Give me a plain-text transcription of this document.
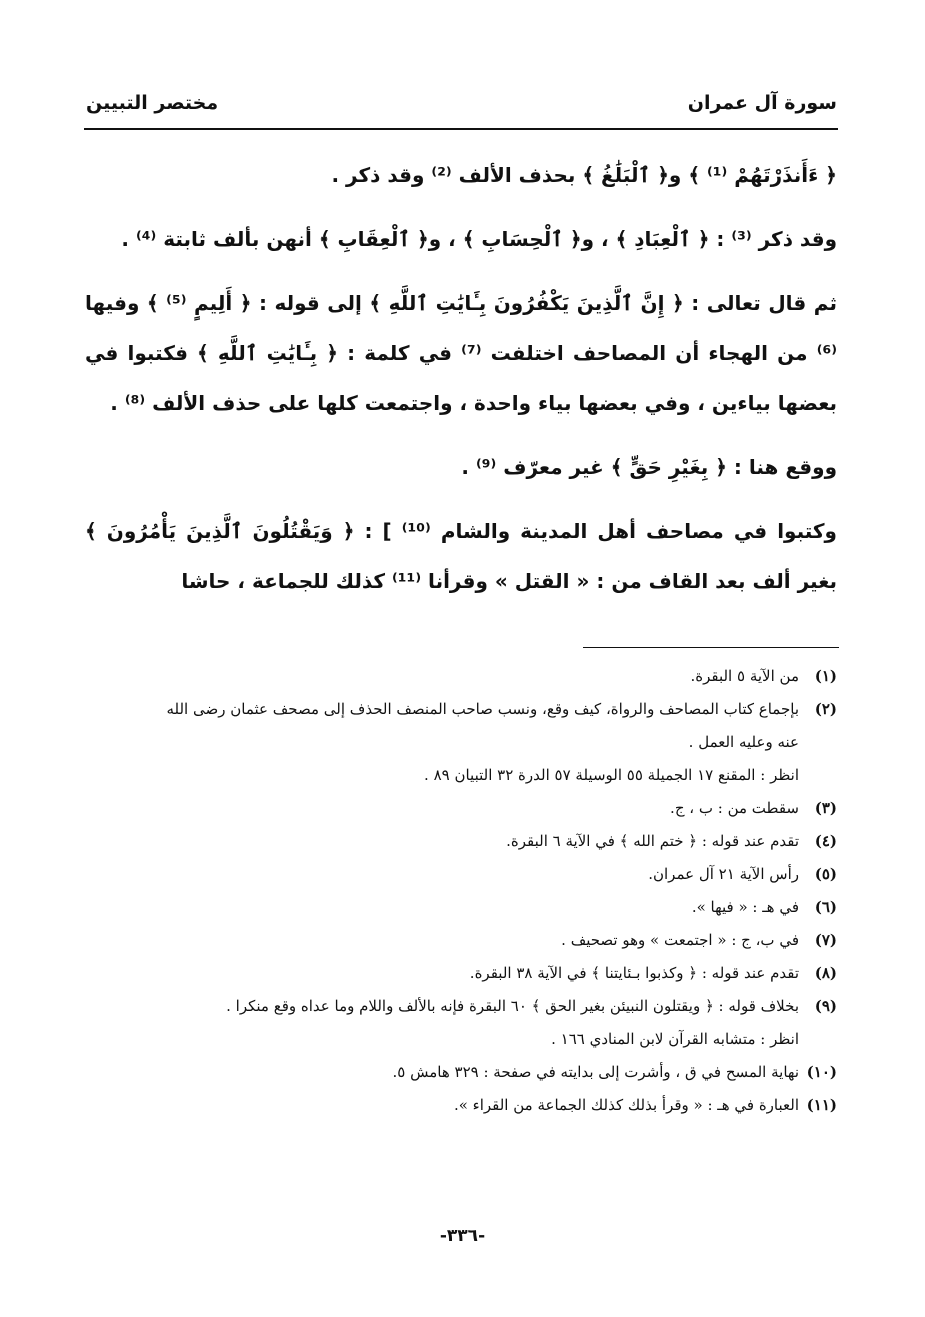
سورة آل عمران
مختصر التبيين

﴿ ءَأَنذَرْتَهُمْ ⁽¹⁾ ﴾ و﴿ ٱلْبَلَٰغُ ﴾ بحذف الألف ⁽²⁾ وقد ذكر .

وقد ذكر ⁽³⁾ : ﴿ ٱلْعِبَادِ ﴾ ، و﴿ ٱلْحِسَابِ ﴾ ، و﴿ ٱلْعِقَابِ ﴾ أنهن بألف ثابتة ⁽⁴⁾ .

ثم قال تعالى : ﴿ إِنَّ ٱلَّذِينَ يَكْفُرُونَ بِـَٔايَٰتِ ٱللَّهِ ﴾ إلى قوله : ﴿ أَلِيمٍ ⁽⁵⁾ ﴾ وفيها ⁽⁶⁾ من الهجاء أن المصاحف اختلفت ⁽⁷⁾ في كلمة : ﴿ بِـَٔايَٰتِ ٱللَّهِ ﴾ فكتبوا في بعضها بياءين ، وفي بعضها بياء واحدة ، واجتمعت كلها على حذف الألف ⁽⁸⁾ .

ووقع هنا : ﴿ بِغَيْرِ حَقٍّ ﴾ غير معرّف ⁽⁹⁾ .

وكتبوا في مصاحف أهل المدينة والشام ⁽¹⁰⁾ ] : ﴿ وَيَقْتُلُونَ ٱلَّذِينَ يَأْمُرُونَ ﴾ بغير ألف بعد القاف من : « القتل » وقرأنا ⁽¹¹⁾ كذلك للجماعة ، حاشا

(١)
من الآية ٥ البقرة.
(٢)
بإجماع كتاب المصاحف والرواة، كيف وقع، ونسب صاحب المنصف الحذف إلى مصحف عثمان رضى الله
عنه وعليه العمل .
انظر : المقنع ١٧ الجميلة ٥٥ الوسيلة ٥٧ الدرة ٣٢ التبيان ٨٩ .
(٣)
سقطت من : ب ، ج.
(٤)
تقدم عند قوله : ﴿ ختم الله ﴾ في الآية ٦ البقرة.
(٥)
رأس الآية ٢١ آل عمران.
(٦)
في هـ : « فيها ».
(٧)
في ب، ج : « اجتمعت » وهو تصحيف .
(٨)
تقدم عند قوله : ﴿ وكذبوا بـئايتنا ﴾ في الآية ٣٨ البقرة.
(٩)
بخلاف قوله : ﴿ ويقتلون النبيئن بغير الحق ﴾ ٦٠ البقرة فإنه بالألف واللام وما عداه وقع منكرا .
انظر : متشابه القرآن لابن المنادي ١٦٦ .
(١٠)
نهاية المسح في ق ، وأشرت إلى بدايته في صفحة : ٣٢٩ هامش ٥.
(١١)
العبارة في هـ : « وقرأ بذلك كذلك الجماعة من القراء ».
-٣٣٦-
